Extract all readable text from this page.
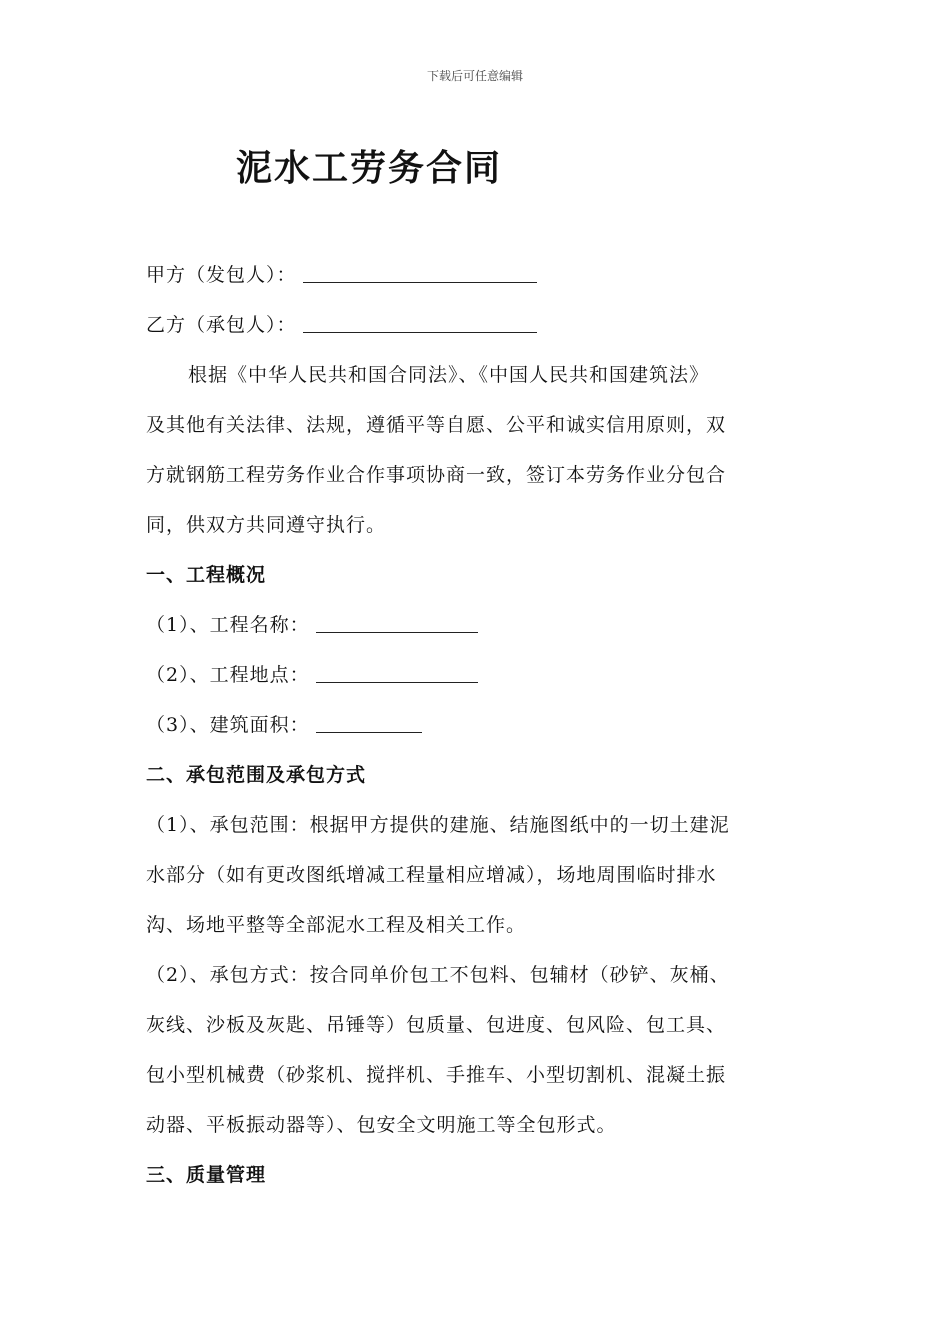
下载后可任意编辑
泥水工劳务合同
甲方（发包人）：
乙方（承包人）：
根据《中华人民共和国合同法》、《中国人民共和国建筑法》
及其他有关法律、法规，遵循平等自愿、公平和诚实信用原则，双
方就钢筋工程劳务作业合作事项协商一致，签订本劳务作业分包合
同，供双方共同遵守执行。
一、工程概况
（1）、工程名称：
（2）、工程地点：
（3）、建筑面积：
二、承包范围及承包方式
（1）、承包范围：根据甲方提供的建施、结施图纸中的一切土建泥
水部分（如有更改图纸增减工程量相应增减），场地周围临时排水
沟、场地平整等全部泥水工程及相关工作。
（2）、承包方式：按合同单价包工不包料、包辅材（砂铲、灰桶、
灰线、沙板及灰匙、吊锤等）包质量、包进度、包风险、包工具、
包小型机械费（砂浆机、搅拌机、手推车、小型切割机、混凝土振
动器、平板振动器等）、包安全文明施工等全包形式。
三、质量管理
